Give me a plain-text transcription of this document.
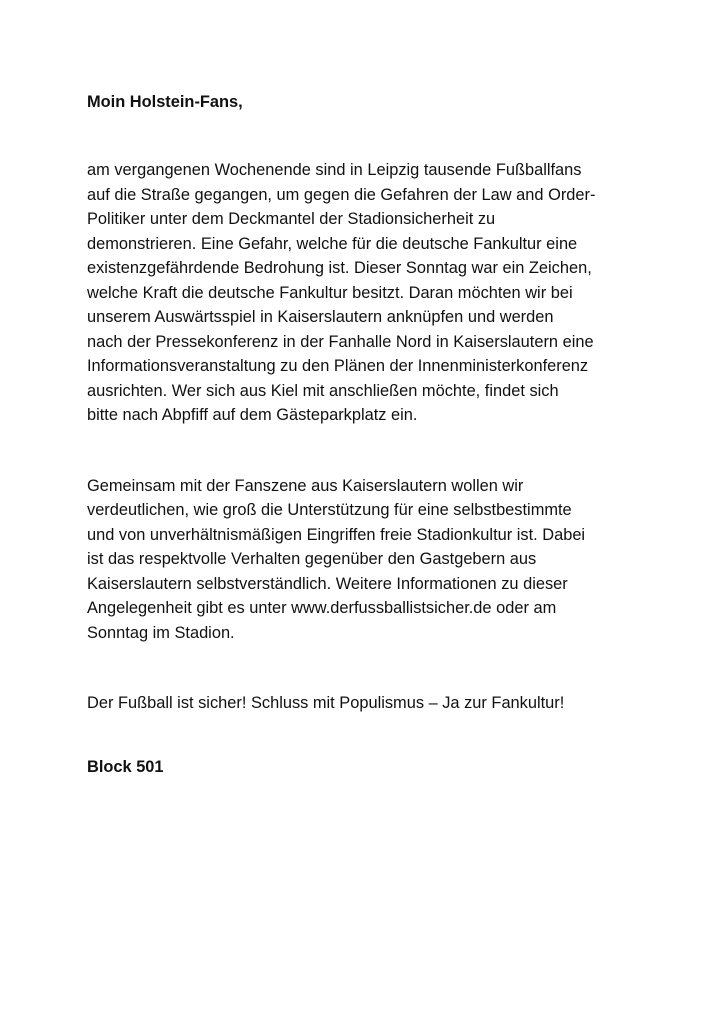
Moin Holstein-Fans,

am vergangenen Wochenende sind in Leipzig tausende Fußballfans
auf die Straße gegangen, um gegen die Gefahren der Law and Order-
Politiker unter dem Deckmantel der Stadionsicherheit zu
demonstrieren. Eine Gefahr, welche für die deutsche Fankultur eine
existenzgefährdende Bedrohung ist. Dieser Sonntag war ein Zeichen,
welche Kraft die deutsche Fankultur besitzt. Daran möchten wir bei
unserem Auswärtsspiel in Kaiserslautern anknüpfen und werden
nach der Pressekonferenz in der Fanhalle Nord in Kaiserslautern eine
Informationsveranstaltung zu den Plänen der Innenministerkonferenz
ausrichten. Wer sich aus Kiel mit anschließen möchte, findet sich
bitte nach Abpfiff auf dem Gästeparkplatz ein.

Gemeinsam mit der Fanszene aus Kaiserslautern wollen wir
verdeutlichen, wie groß die Unterstützung für eine selbstbestimmte
und von unverhältnismäßigen Eingriffen freie Stadionkultur ist. Dabei
ist das respektvolle Verhalten gegenüber den Gastgebern aus
Kaiserslautern selbstverständlich. Weitere Informationen zu dieser
Angelegenheit gibt es unter www.derfussballistsicher.de oder am
Sonntag im Stadion.

Der Fußball ist sicher! Schluss mit Populismus – Ja zur Fankultur!

Block 501
